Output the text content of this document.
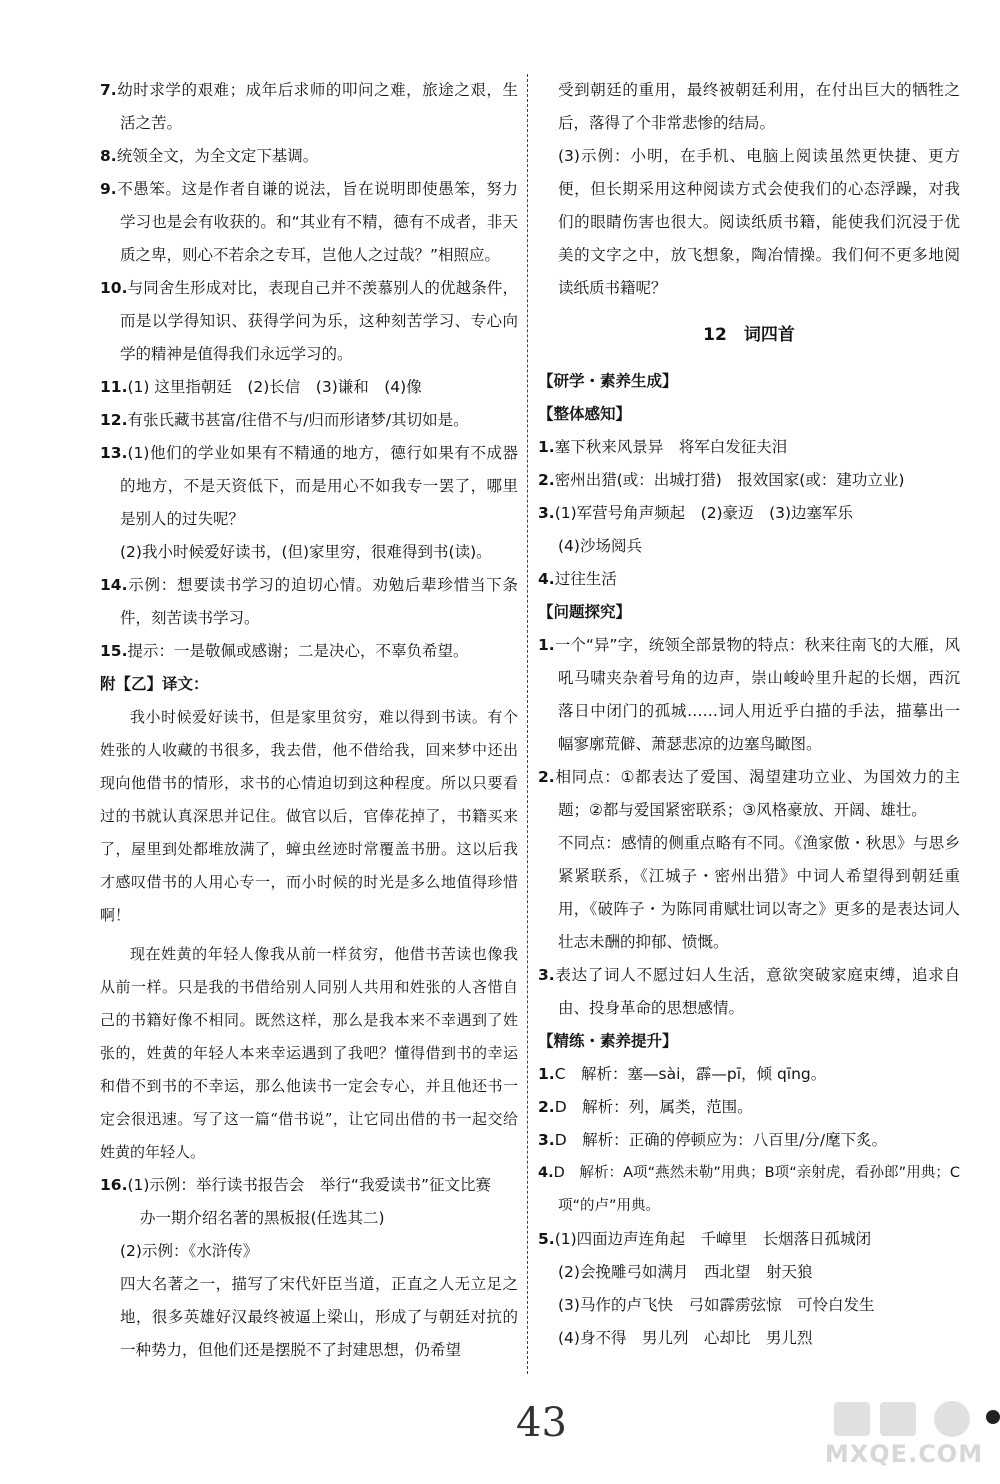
7.幼时求学的艰难；成年后求师的叩问之难，旅途之艰，生活之苦。
8.统领全文，为全文定下基调。
9.不愚笨。这是作者自谦的说法，旨在说明即使愚笨，努力学习也是会有收获的。和“其业有不精，德有不成者，非天质之卑，则心不若余之专耳，岂他人之过哉？”相照应。
10.与同舍生形成对比，表现自己并不羡慕别人的优越条件，而是以学得知识、获得学问为乐，这种刻苦学习、专心向学的精神是值得我们永远学习的。
11.(1) 这里指朝廷　(2)长信　(3)谦和　(4)像
12.有张氏藏书甚富/往借不与/归而形诸梦/其切如是。
13.(1)他们的学业如果有不精通的地方，德行如果有不成器的地方，不是天资低下，而是用心不如我专一罢了，哪里是别人的过失呢？
(2)我小时候爱好读书，(但)家里穷，很难得到书(读)。
14.示例：想要读书学习的迫切心情。劝勉后辈珍惜当下条件，刻苦读书学习。
15.提示：一是敬佩或感谢；二是决心，不辜负希望。
附【乙】译文：
我小时候爱好读书，但是家里贫穷，难以得到书读。有个姓张的人收藏的书很多，我去借，他不借给我，回来梦中还出现向他借书的情形，求书的心情迫切到这种程度。所以只要看过的书就认真深思并记住。做官以后，官俸花掉了，书籍买来了，屋里到处都堆放满了，蟑虫丝迹时常覆盖书册。这以后我才感叹借书的人用心专一，而小时候的时光是多么地值得珍惜啊！
现在姓黄的年轻人像我从前一样贫穷，他借书苦读也像我从前一样。只是我的书借给别人同别人共用和姓张的人吝惜自己的书籍好像不相同。既然这样，那么是我本来不幸遇到了姓张的，姓黄的年轻人本来幸运遇到了我吧？懂得借到书的幸运和借不到书的不幸运，那么他读书一定会专心，并且他还书一定会很迅速。写了这一篇“借书说”，让它同出借的书一起交给姓黄的年轻人。
16.(1)示例：举行读书报告会　举行“我爱读书”征文比赛
办一期介绍名著的黑板报(任选其二)
(2)示例：《水浒传》
四大名著之一，描写了宋代奸臣当道，正直之人无立足之地，很多英雄好汉最终被逼上梁山，形成了与朝廷对抗的一种势力，但他们还是摆脱不了封建思想，仍希望
受到朝廷的重用，最终被朝廷利用，在付出巨大的牺牲之后，落得了个非常悲惨的结局。
(3)示例：小明，在手机、电脑上阅读虽然更快捷、更方便，但长期采用这种阅读方式会使我们的心态浮躁，对我们的眼睛伤害也很大。阅读纸质书籍，能使我们沉浸于优美的文字之中，放飞想象，陶冶情操。我们何不更多地阅读纸质书籍呢？
12　词四首
【研学・素养生成】
【整体感知】
1.塞下秋来风景异　将军白发征夫泪
2.密州出猎(或：出城打猎)　报效国家(或：建功立业)
3.(1)军营号角声频起　(2)豪迈　(3)边塞军乐
(4)沙场阅兵
4.过往生活
【问题探究】
1.一个“异”字，统领全部景物的特点：秋来往南飞的大雁，风吼马啸夹杂着号角的边声，崇山峻岭里升起的长烟，西沉落日中闭门的孤城……词人用近乎白描的手法，描摹出一幅寥廓荒僻、萧瑟悲凉的边塞鸟瞰图。
2.相同点：①都表达了爱国、渴望建功立业、为国效力的主题；②都与爱国紧密联系；③风格豪放、开阔、雄壮。
不同点：感情的侧重点略有不同。《渔家傲・秋思》与思乡紧紧联系，《江城子・密州出猎》中词人希望得到朝廷重用，《破阵子・为陈同甫赋壮词以寄之》更多的是表达词人壮志未酬的抑郁、愤慨。
3.表达了词人不愿过妇人生活，意欲突破家庭束缚，追求自由、投身革命的思想感情。
【精练・素养提升】
1.C　解析：塞—sài，霹—pī，倾 qīng。
2.D　解析：列，属类，范围。
3.D　解析：正确的停顿应为：八百里/分/麾下炙。
4.D　解析：A项“燕然未勒”用典；B项“亲射虎，看孙郎”用典；C项“的卢”用典。
5.(1)四面边声连角起　千嶂里　长烟落日孤城闭
(2)会挽雕弓如满月　西北望　射天狼
(3)马作的卢飞快　弓如霹雳弦惊　可怜白发生
(4)身不得　男儿列　心却比　男儿烈
43
MXQE.COM
